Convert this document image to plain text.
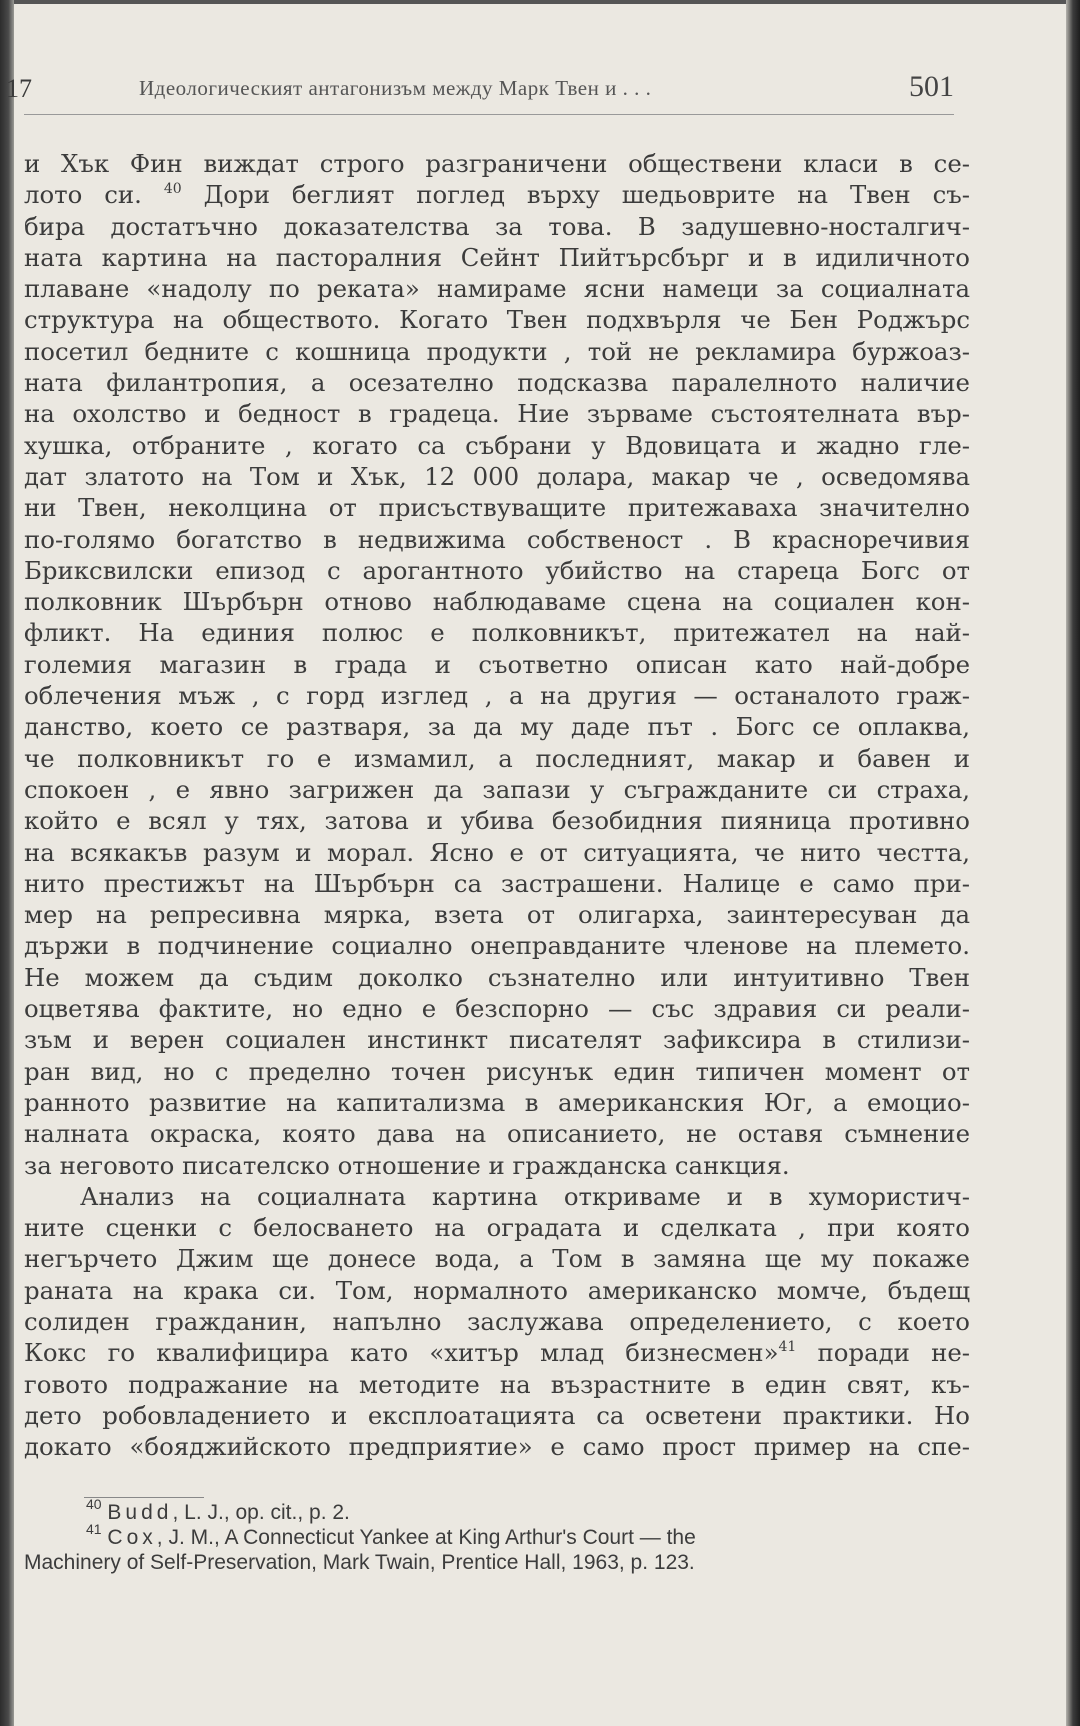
17	Идеологическият антагонизъм между Марк Твен и . . .	501
и Хък Фин виждат строго разграничени обществени класи в се-
лото си. $^{40}$ Дори беглият поглед върху шедьоврите на Твен съ-
бира достатъчно доказателства за това. В задушевно-носталгич-
ната картина на пасторалния Сейнт Пийтърсбърг и в идиличното
плаване «надолу по реката» намираме ясни намеци за социалната
структура на обществото. Когато Твен подхвърля че Бен Роджърс
посетил бедните с кошница продукти , той не рекламира буржоаз-
ната филантропия, а осезателно подсказва паралелното наличие
на охолство и бедност в градеца. Ние зърваме състоятелната вър-
хушка, отбраните , когато са събрани у Вдовицата и жадно гле-
дат златото на Том и Хък, 12 000 долара, макар че , осведомява
ни Твен, неколцина от присъствуващите притежаваха значително
по-голямо богатство в недвижима собственост . В красноречивия
Бриксвилски епизод с арогантното убийство на стареца Богс от
полковник Шърбърн отново наблюдаваме сцена на социален кон-
фликт. На единия полюс е полковникът, притежател на най-
големия магазин в града и съответно описан като най-добре
облечения мъж , с горд изглед , а на другия — останалото граж-
данство, което се разтваря, за да му даде път . Богс се оплаква,
че полковникът го е измамил, а последният, макар и бавен и
спокоен , е явно загрижен да запази у съгражданите си страха,
който е всял у тях, затова и убива безобидния пияница противно
на всякакъв разум и морал. Ясно е от ситуацията, че нито честта,
нито престижът на Шърбърн са застрашени. Налице е само при-
мер на репресивна мярка, взета от олигарха, заинтересуван да
държи в подчинение социално онеправданите членове на племето.
Не можем да съдим доколко съзнателно или интуитивно Твен
оцветява фактите, но едно е безспорно — със здравия си реали-
зъм и верен социален инстинкт писателят зафиксира в стилизи-
ран вид, но с пределно точен рисунък един типичен момент от
ранното развитие на капитализма в американския Юг, а емоцио-
налната окраска, която дава на описанието, не оставя съмнение
за неговото писателско отношение и гражданска санкция.
Анализ на социалната картина откриваме и в хумористич-
ните сценки с белосването на оградата и сделката , при която
негърчето Джим ще донесе вода, а Том в замяна ще му покаже
раната на крака си. Том, нормалното американско момче, бъдещ
солиден гражданин, напълно заслужава определението, с което
Кокс го квалифицира като «хитър млад бизнесмен»$^{41}$ поради не-
говото подражание на методите на възрастните в един свят, къ-
дето робовладението и експлоатацията са осветени практики. Но
докато «бояджийското предприятие» е само прост пример на спе-
$^{40}$ Budd, L. J., op. cit., p. 2.
$^{41}$ Cox, J. M., A Connecticut Yankee at King Arthur's Court — the
Machinery of Self-Preservation, Mark Twain, Prentice Hall, 1963, p. 123.
